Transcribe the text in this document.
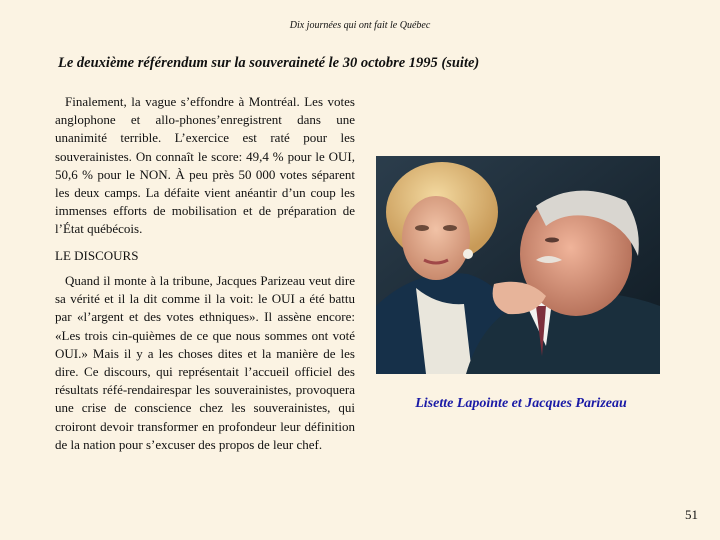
Dix journées qui ont fait le Québec
Le deuxième référendum sur la souveraineté le 30 octobre 1995 (suite)

Finalement, la vague s’effondre à Montréal. Les votes anglophone et allo-phones’enregistrent dans une unanimité terrible. L’exercice est raté pour les souverainistes. On connaît le score: 49,4 % pour le OUI, 50,6 % pour le NON. À peu près 50 000 votes séparent les deux camps. La défaite vient anéantir d’un coup les immenses efforts de mobilisation et de préparation de l’État québécois.

LE DISCOURS

Quand il monte à la tribune, Jacques Parizeau veut dire sa vérité et il la dit comme il la voit: le OUI a été battu par «l’argent et des votes ethniques». Il assène encore: «Les trois cin-quièmes de ce que nous sommes ont voté OUI.» Mais il y a les choses dites et la manière de les dire. Ce discours, qui représentait l’accueil officiel des résultats réfé-rendairespar les souverainistes, provoquera une crise de conscience chez les souverainistes, qui croiront devoir transformer en profondeur leur définition de la nation pour s’excuser des propos de leur chef.

Lisette Lapointe et Jacques Parizeau
51
